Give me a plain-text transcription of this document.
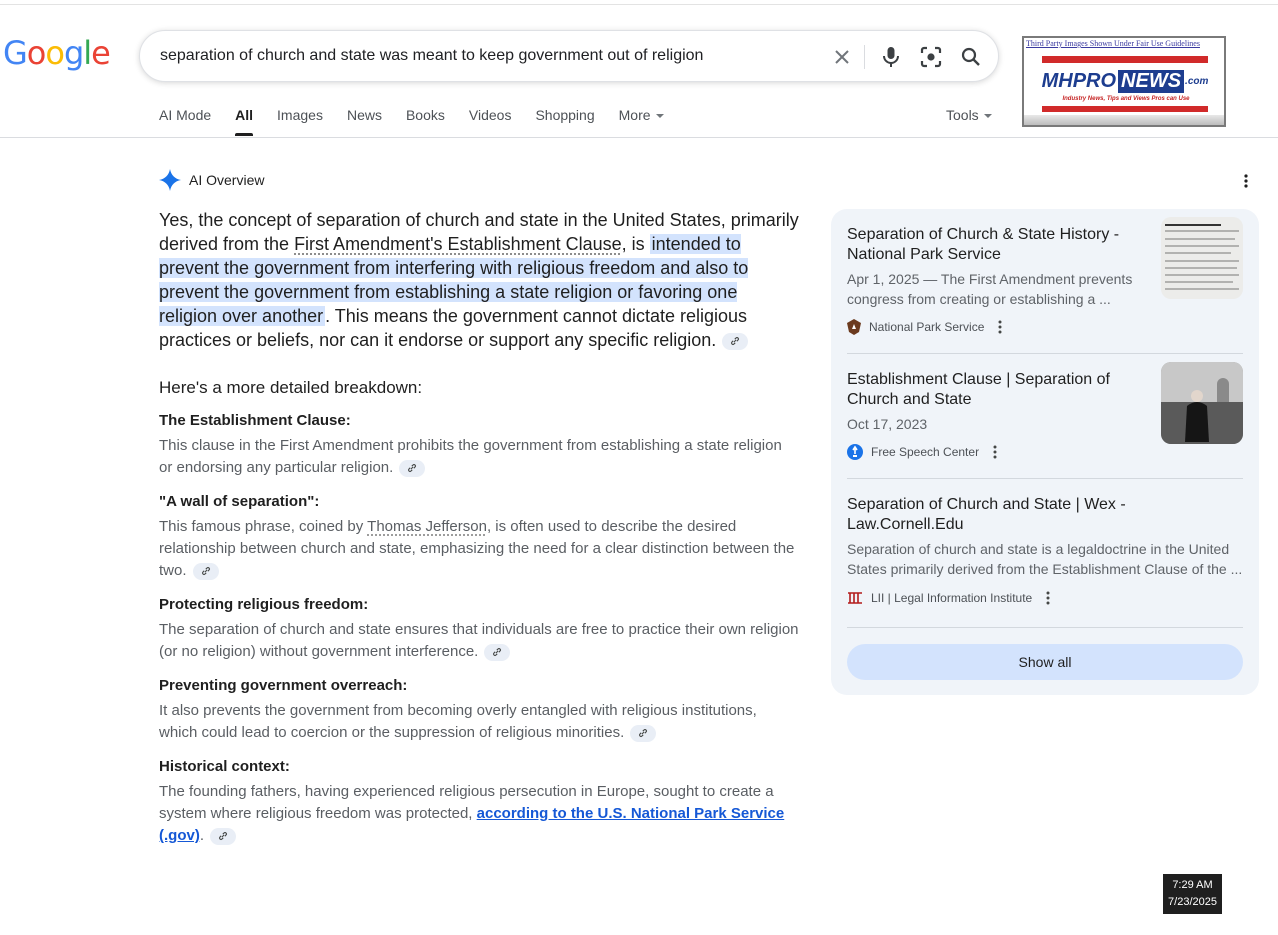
Google	separation of church and state was meant to keep government out of religion
Third Party Images Shown Under Fair Use Guidelines
MHPRO NEWS .com
Industry News, Tips and Views Pros can Use
AI Mode All Images News Books Videos Shopping More	Tools
AI Overview

Yes, the concept of separation of church and state in the United States, primarily derived from the First Amendment's Establishment Clause, is intended to prevent the government from interfering with religious freedom and also to prevent the government from establishing a state religion or favoring one religion over another . This means the government cannot dictate religious practices or beliefs, nor can it endorse or support any specific religion.

Here's a more detailed breakdown:
The Establishment Clause:
This clause in the First Amendment prohibits the government from establishing a state religion or endorsing any particular religion.
"A wall of separation":
This famous phrase, coined by Thomas Jefferson, is often used to describe the desired relationship between church and state, emphasizing the need for a clear distinction between the two.
Protecting religious freedom:
The separation of church and state ensures that individuals are free to practice their own religion (or no religion) without government interference.
Preventing government overreach:
It also prevents the government from becoming overly entangled with religious institutions, which could lead to coercion or the suppression of religious minorities.
Historical context:
The founding fathers, having experienced religious persecution in Europe, sought to create a system where religious freedom was protected, according to the U.S. National Park Service (.gov).
Separation of Church & State History - National Park Service
Apr 1, 2025 — The First Amendment prevents congress from creating or establishing a ...
National Park Service
Establishment Clause | Separation of Church and State
Oct 17, 2023
Free Speech Center
Separation of Church and State | Wex - Law.Cornell.Edu
Separation of church and state is a legaldoctrine in the United States primarily derived from the Establishment Clause of the ...
LII | Legal Information Institute
Show all
7:29 AM
7/23/2025
